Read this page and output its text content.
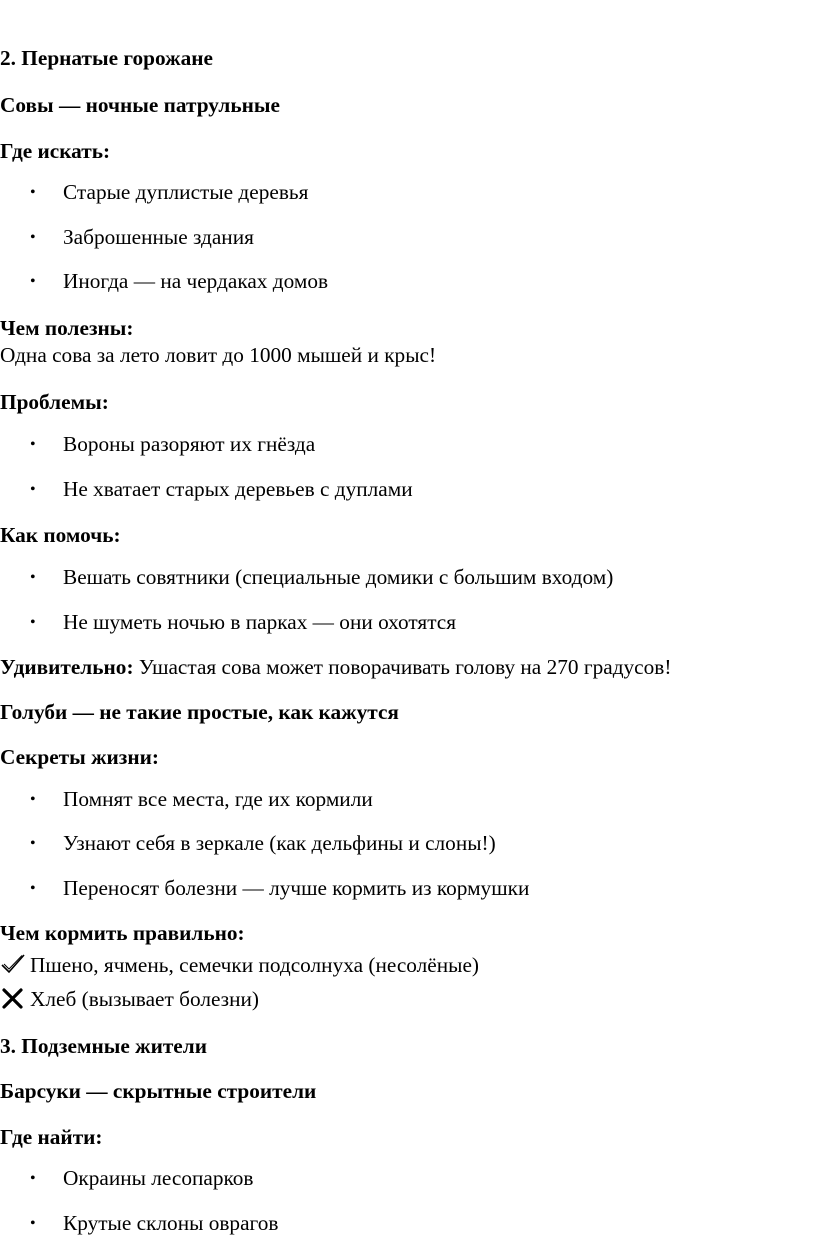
2. Пернатые горожане
Совы — ночные патрульные
Где искать:
• Старые дуплистые деревья
• Заброшенные здания
• Иногда — на чердаках домов
Чем полезны:
Одна сова за лето ловит до 1000 мышей и крыс!
Проблемы:
• Вороны разоряют их гнёзда
• Не хватает старых деревьев с дуплами
Как помочь:
• Вешать совятники (специальные домики с большим входом)
• Не шуметь ночью в парках — они охотятся
Удивительно: Ушастая сова может поворачивать голову на 270 градусов!
Голуби — не такие простые, как кажутся
Секреты жизни:
• Помнят все места, где их кормили
• Узнают себя в зеркале (как дельфины и слоны!)
• Переносят болезни — лучше кормить из кормушки
Чем кормить правильно:
Пшено, ячмень, семечки подсолнуха (несолёные)
Хлеб (вызывает болезни)
3. Подземные жители
Барсуки — скрытные строители
Где найти:
• Окраины лесопарков
• Крутые склоны оврагов
